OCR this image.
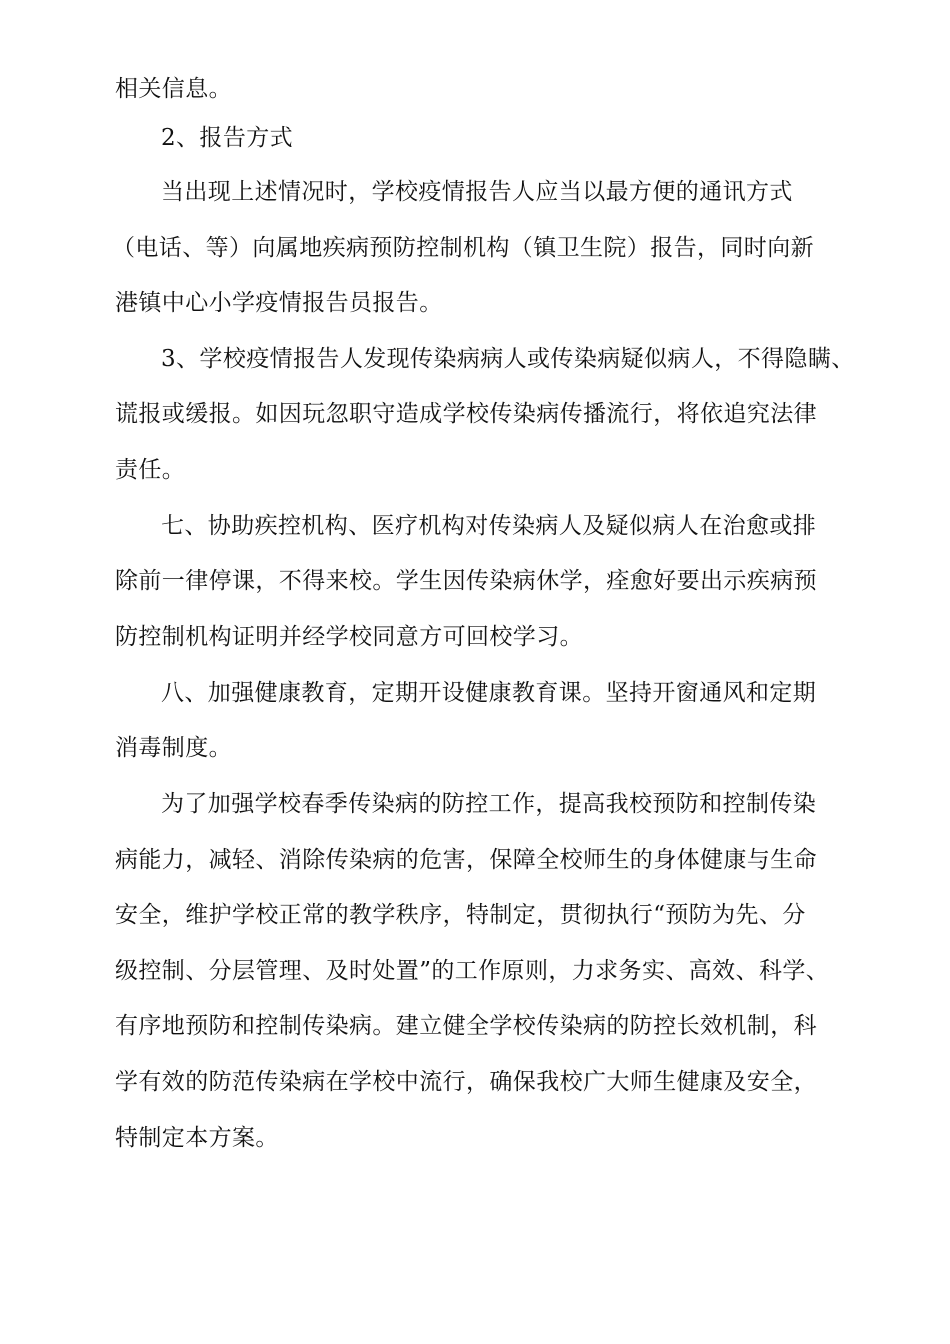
相关信息。
2、报告方式
当出现上述情况时，学校疫情报告人应当以最方便的通讯方式
（电话、等）向属地疾病预防控制机构（镇卫生院）报告，同时向新
港镇中心小学疫情报告员报告。
3、学校疫情报告人发现传染病病人或传染病疑似病人，不得隐瞒、
谎报或缓报。如因玩忽职守造成学校传染病传播流行，将依追究法律
责任。
七、协助疾控机构、医疗机构对传染病人及疑似病人在治愈或排
除前一律停课，不得来校。学生因传染病休学，痊愈好要出示疾病预
防控制机构证明并经学校同意方可回校学习。
八、加强健康教育，定期开设健康教育课。坚持开窗通风和定期
消毒制度。
为了加强学校春季传染病的防控工作，提高我校预防和控制传染
病能力，减轻、消除传染病的危害，保障全校师生的身体健康与生命
安全，维护学校正常的教学秩序，特制定，贯彻执行“预防为先、分
级控制、分层管理、及时处置”的工作原则，力求务实、高效、科学、
有序地预防和控制传染病。建立健全学校传染病的防控长效机制，科
学有效的防范传染病在学校中流行，确保我校广大师生健康及安全，
特制定本方案。
